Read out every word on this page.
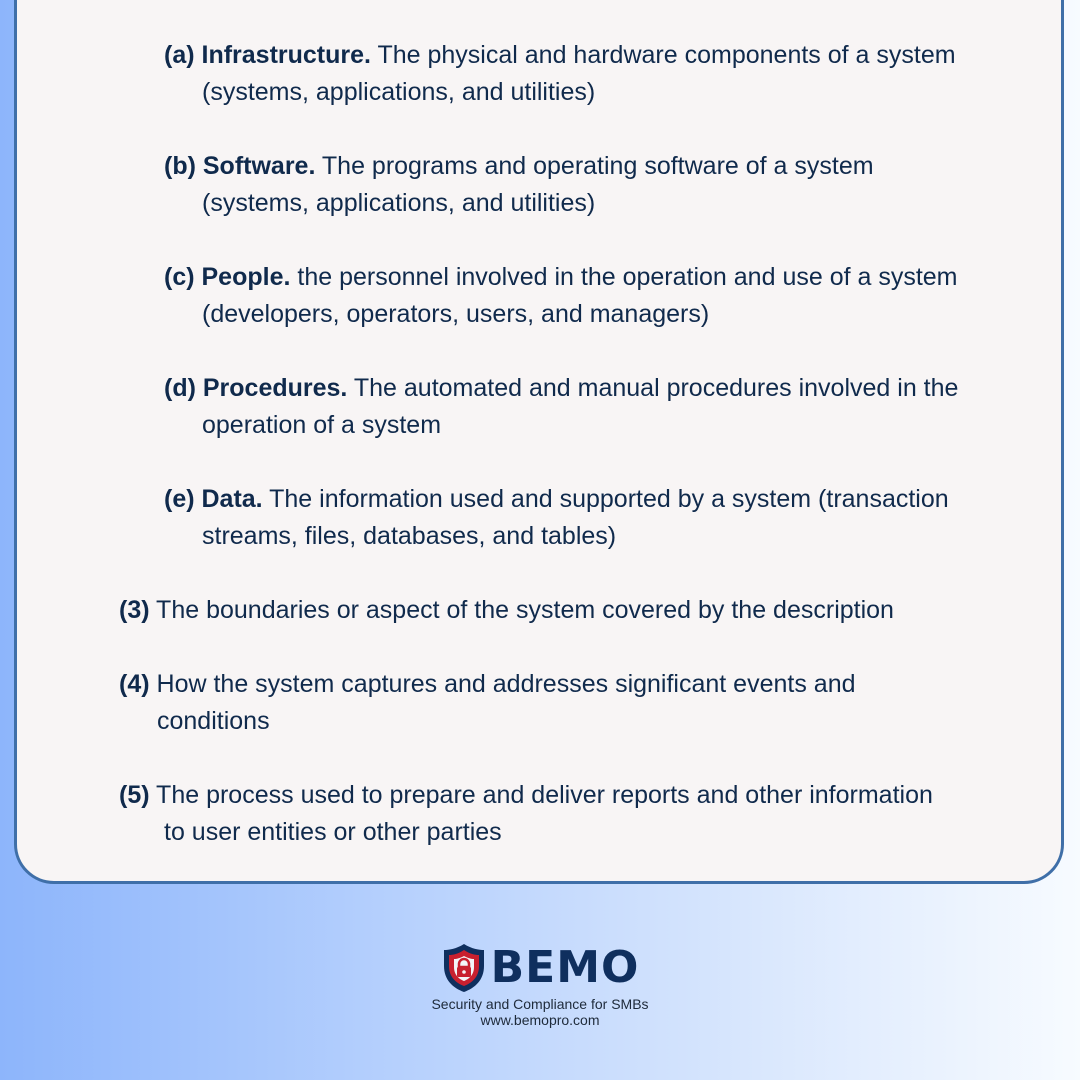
(a) Infrastructure. The physical and hardware components of a system
(systems, applications, and utilities)
(b) Software. The programs and operating software of a system
(systems, applications, and utilities)
(c) People. the personnel involved in the operation and use of a system
(developers, operators, users, and managers)
(d) Procedures. The automated and manual procedures involved in the
operation of a system
(e) Data. The information used and supported by a system (transaction
streams, files, databases, and tables)
(3) The boundaries or aspect of the system covered by the description
(4) How the system captures and addresses significant events and
conditions
(5) The process used to prepare and deliver reports and other information
to user entities or other parties
BEMO
Security and Compliance for SMBs
www.bemopro.com
